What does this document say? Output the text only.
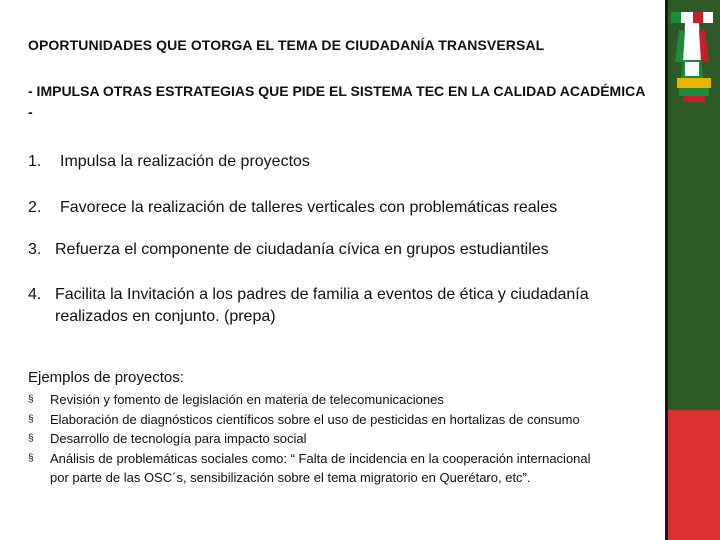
OPORTUNIDADES QUE OTORGA EL TEMA DE CIUDADANÍA TRANSVERSAL
- IMPULSA OTRAS ESTRATEGIAS QUE PIDE EL SISTEMA TEC EN LA CALIDAD ACADÉMICA -
1.	Impulsa la realización de proyectos
2.	Favorece la realización de talleres verticales con problemáticas reales
3. Refuerza el componente de ciudadanía cívica en grupos estudiantiles
4. Facilita la Invitación a los padres de familia a eventos de ética y ciudadanía realizados en conjunto. (prepa)
Ejemplos de proyectos:
§	Revisión y fomento de legislación en materia de telecomunicaciones
§	Elaboración de diagnósticos científicos sobre el uso de pesticidas en hortalizas de consumo
§	Desarrollo de tecnología para impacto social
§	Análisis de problemáticas sociales como: “ Falta de incidencia en la cooperación internacional por parte de las OSC´s, sensibilización sobre el tema migratorio en Querétaro, etc”.
